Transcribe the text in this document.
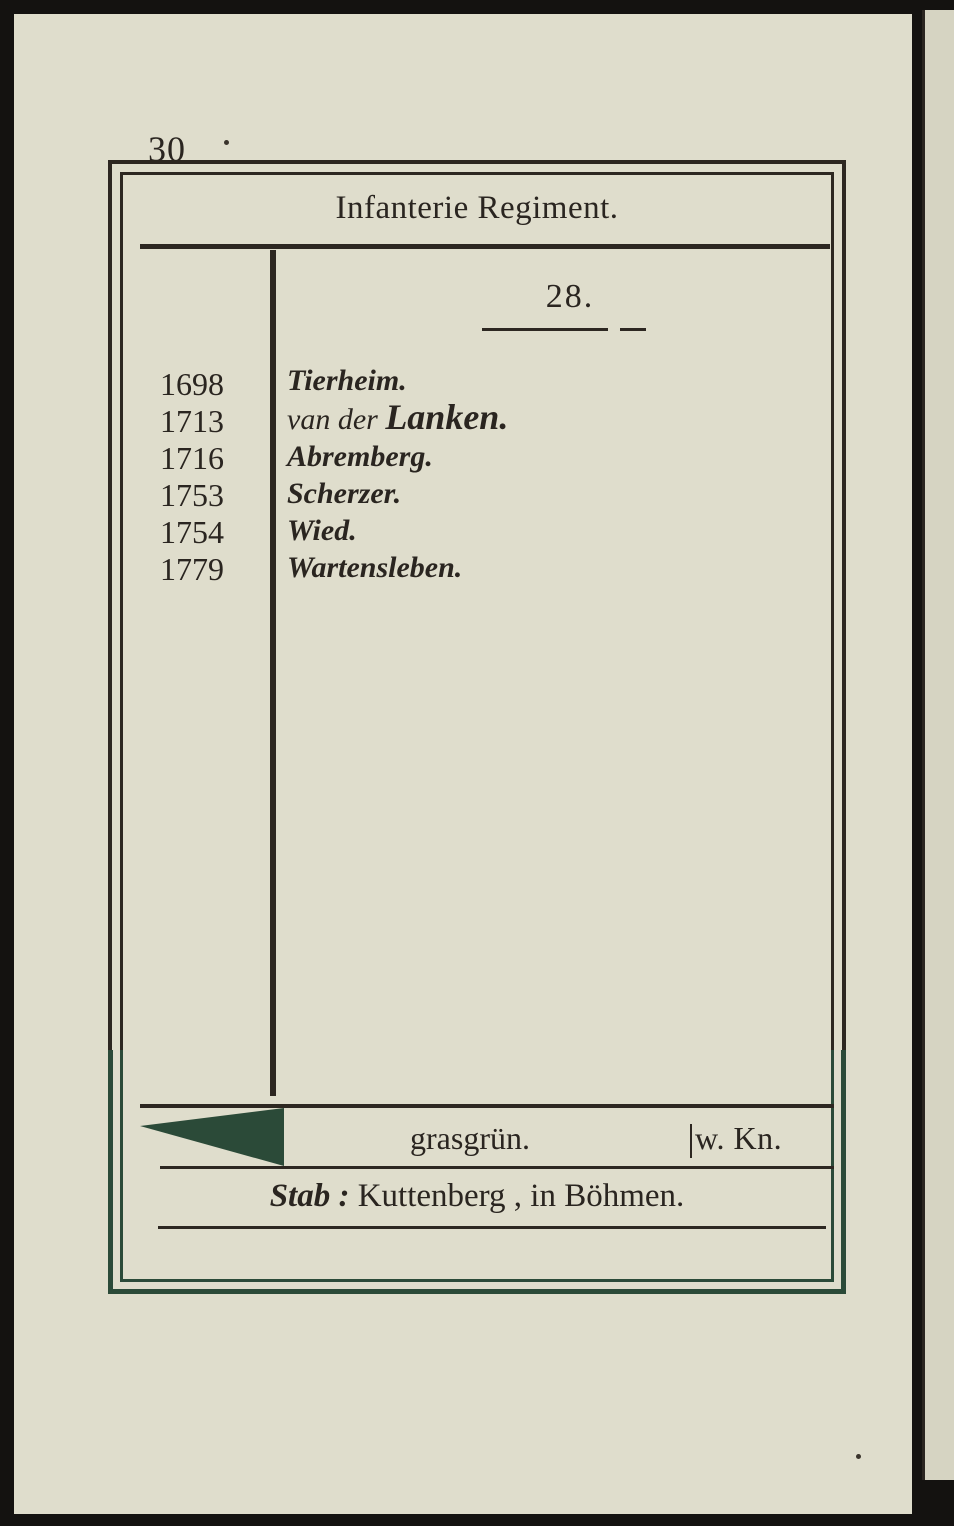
30
Infanterie Regiment.
28.
1698
1713
1716
1753
1754
1779
Tierheim.
van der Lanken.
Abremberg.
Scherzer.
Wied.
Wartensleben.
grasgrün.	w. Kn.
Stab : Kuttenberg , in Böhmen.
